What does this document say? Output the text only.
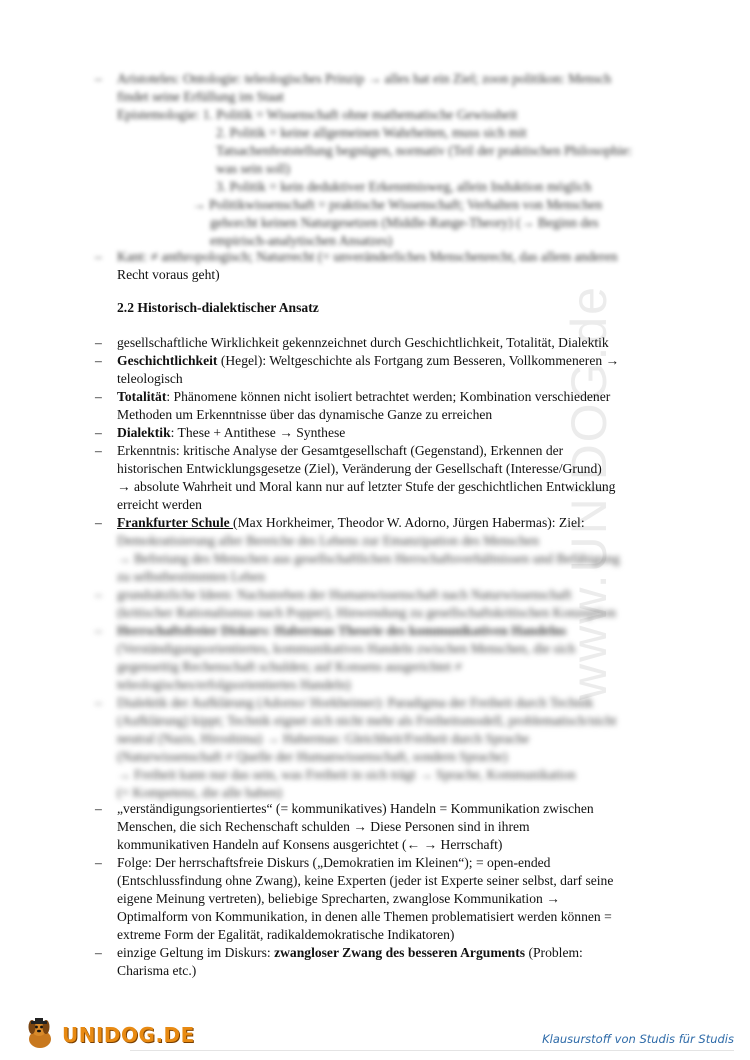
www.UNIDOG.de
– Aristoteles: Ontologie: teleologisches Prinzip → alles hat ein Ziel; zoon politikon: Mensch
findet seine Erfüllung im Staat
Epistemologie: 1. Politik = Wissenschaft ohne mathematische Gewissheit
2. Politik = keine allgemeinen Wahrheiten, muss sich mit
Tatsachenfeststellung begnügen, normativ (Teil der praktischen Philosophie:
was sein soll)
3. Politik = kein deduktiver Erkenntnisweg, allein Induktion möglich
→ Politikwissenschaft = praktische Wissenschaft; Verhalten von Menschen
gehorcht keinen Naturgesetzen (Middle-Range-Theory) (→ Beginn des
empirisch-analytischen Ansatzes)
– Kant: ≠ anthropologisch; Naturrecht (= unveränderliches Menschenrecht, das allem anderen
Recht voraus geht)
2.2 Historisch-dialektischer Ansatz
– gesellschaftliche Wirklichkeit gekennzeichnet durch Geschichtlichkeit, Totalität, Dialektik
– Geschichtlichkeit (Hegel): Weltgeschichte als Fortgang zum Besseren, Vollkommeneren →
teleologisch
– Totalität: Phänomene können nicht isoliert betrachtet werden; Kombination verschiedener
Methoden um Erkenntnisse über das dynamische Ganze zu erreichen
– Dialektik: These + Antithese → Synthese
– Erkenntnis: kritische Analyse der Gesamtgesellschaft (Gegenstand), Erkennen der
historischen Entwicklungsgesetze (Ziel), Veränderung der Gesellschaft (Interesse/Grund)
→ absolute Wahrheit und Moral kann nur auf letzter Stufe der geschichtlichen Entwicklung
erreicht werden
– Frankfurter Schule (Max Horkheimer, Theodor W. Adorno, Jürgen Habermas): Ziel:
Demokratisierung aller Bereiche des Lebens zur Emanzipation des Menschen
→ Befreiung des Menschen aus gesellschaftlichen Herrschaftsverhältnissen und Befähigung
zu selbstbestimmten Leben
– grundsätzliche Ideen: Nachstreben der Humanwissenschaft nach Naturwissenschaft
(kritischer Rationalismus nach Popper), Hinwendung zu gesellschaftskritischen Konzeption
– Herrschaftsfreier Diskurs: Habermas Theorie des kommunikativen Handelns
(Verständigungsorientiertes, kommunikatives Handeln zwischen Menschen, die sich
gegenseitig Rechenschaft schulden; auf Konsens ausgerichtet ≠
teleologisches/erfolgsorientiertes Handeln)
– Dialektik der Aufklärung (Adorno/ Horkheimer): Paradigma der Freiheit durch Technik
(Aufklärung) kippt; Technik eignet sich nicht mehr als Freiheitsmodell, problematisch/nicht
neutral (Nazis, Hiroshima) → Habermas: Gleichheit/Freiheit durch Sprache
(Naturwissenschaft ≠ Quelle der Humanwissenschaft, sondern Sprache)
→ Freiheit kann nur das sein, was Freiheit in sich trägt → Sprache, Kommunikation
(= Kompetenz, die alle haben)
– „verständigungsorientiertes“ (= kommunikatives) Handeln = Kommunikation zwischen
Menschen, die sich Rechenschaft schulden → Diese Personen sind in ihrem
kommunikativen Handeln auf Konsens ausgerichtet (← → Herrschaft)
– Folge: Der herrschaftsfreie Diskurs („Demokratien im Kleinen“); = open-ended
(Entschlussfindung ohne Zwang), keine Experten (jeder ist Experte seiner selbst, darf seine
eigene Meinung vertreten), beliebige Sprecharten, zwanglose Kommunikation →
Optimalform von Kommunikation, in denen alle Themen problematisiert werden können =
extreme Form der Egalität, radikaldemokratische Indikatoren)
– einzige Geltung im Diskurs: zwangloser Zwang des besseren Arguments (Problem:
Charisma etc.)
UNIDOG.DE	Klausurstoff von Studis für Studis
